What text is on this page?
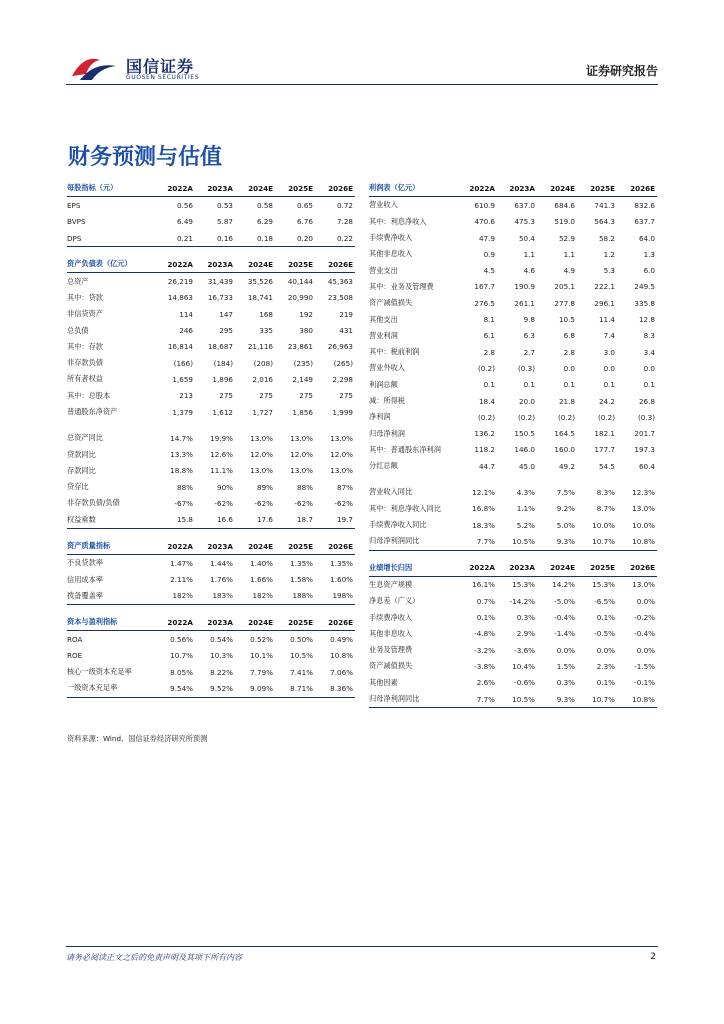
国信证券
GUOSEN SECURITIES	证券研究报告
财务预测与估值
每股指标（元）	2022A	2023A	2024E	2025E	2026E
EPS	0.56	0.53	0.58	0.65	0.72
BVPS	6.49	5.87	6.29	6.76	7.28
DPS	0.21	0.16	0.18	0.20	0.22
资产负债表（亿元）	2022A	2023A	2024E	2025E	2026E
总资产	26,219	31,439	35,526	40,144	45,363
其中：贷款	14,863	16,733	18,741	20,990	23,508
非信贷资产	114	147	168	192	219
总负债	246	295	335	380	431
其中：存款	16,814	18,687	21,116	23,861	26,963
非存款负债	(166)	(184)	(208)	(235)	(265)
所有者权益	1,659	1,896	2,016	2,149	2,298
其中：总股本	213	275	275	275	275
普通股东净资产	1,379	1,612	1,727	1,856	1,999

总资产同比	14.7%	19.9%	13.0%	13.0%	13.0%
贷款同比	13.3%	12.6%	12.0%	12.0%	12.0%
存款同比	18.8%	11.1%	13.0%	13.0%	13.0%
贷存比	88%	90%	89%	88%	87%
非存款负债/负债	-67%	-62%	-62%	-62%	-62%
权益乘数	15.8	16.6	17.6	18.7	19.7
资产质量指标	2022A	2023A	2024E	2025E	2026E
不良贷款率	1.47%	1.44%	1.40%	1.35%	1.35%
信用成本率	2.11%	1.76%	1.66%	1.58%	1.60%
拨备覆盖率	182%	183%	182%	188%	198%
资本与盈利指标	2022A	2023A	2024E	2025E	2026E
ROA	0.56%	0.54%	0.52%	0.50%	0.49%
ROE	10.7%	10.3%	10.1%	10.5%	10.8%
核心一级资本充足率	8.05%	8.22%	7.79%	7.41%	7.06%
一级资本充足率	9.54%	9.52%	9.09%	8.71%	8.36%
利润表（亿元）	2022A	2023A	2024E	2025E	2026E
营业收入	610.9	637.0	684.6	741.3	832.6
其中：利息净收入	470.6	475.3	519.0	564.3	637.7
手续费净收入	47.9	50.4	52.9	58.2	64.0
其他非息收入	0.9	1.1	1.1	1.2	1.3
营业支出	4.5	4.6	4.9	5.3	6.0
其中：业务及管理费	167.7	190.9	205.1	222.1	249.5
资产减值损失	276.5	261.1	277.8	296.1	335.8
其他支出	8.1	9.8	10.5	11.4	12.8
营业利润	6.1	6.3	6.8	7.4	8.3
其中：税前利润	2.8	2.7	2.8	3.0	3.4
营业外收入	(0.2)	(0.3)	0.0	0.0	0.0
利润总额	0.1	0.1	0.1	0.1	0.1
减：所得税	18.4	20.0	21.8	24.2	26.8
净利润	(0.2)	(0.2)	(0.2)	(0.2)	(0.3)
归母净利润	136.2	150.5	164.5	182.1	201.7
其中：普通股东净利润	118.2	146.0	160.0	177.7	197.3
分红总额	44.7	45.0	49.2	54.5	60.4

营业收入同比	12.1%	4.3%	7.5%	8.3%	12.3%
其中：利息净收入同比	16.8%	1.1%	9.2%	8.7%	13.0%
手续费净收入同比	18.3%	5.2%	5.0%	10.0%	10.0%
归母净利润同比	7.7%	10.5%	9.3%	10.7%	10.8%
业绩增长归因	2022A	2023A	2024E	2025E	2026E
生息资产规模	16.1%	15.3%	14.2%	15.3%	13.0%
净息差（广义）	0.7%	-14.2%	-5.0%	-6.5%	0.0%
手续费净收入	0.1%	0.3%	-0.4%	0.1%	-0.2%
其他非息收入	-4.8%	2.9%	-1.4%	-0.5%	-0.4%
业务及管理费	-3.2%	-3.6%	0.0%	0.0%	0.0%
资产减值损失	-3.8%	10.4%	1.5%	2.3%	-1.5%
其他因素	2.6%	-0.6%	0.3%	0.1%	-0.1%
归母净利润同比	7.7%	10.5%	9.3%	10.7%	10.8%
资料来源：Wind、国信证券经济研究所预测
请务必阅读正文之后的免责声明及其项下所有内容	2
